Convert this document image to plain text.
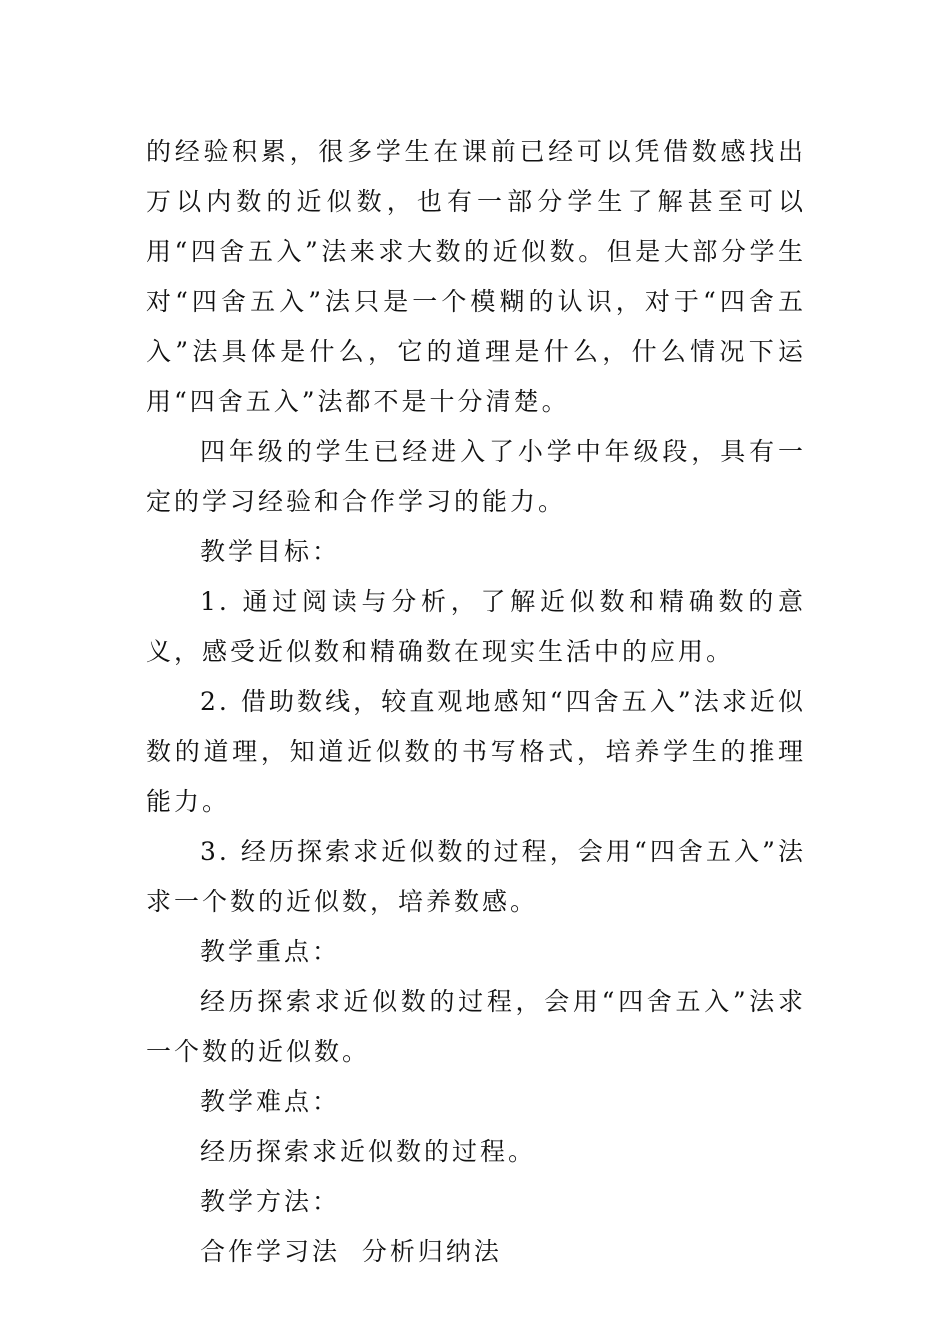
的经验积累，很多学生在课前已经可以凭借数感找出万以内数的近似数，也有一部分学生了解甚至可以用“四舍五入”法来求大数的近似数。但是大部分学生对“四舍五入”法只是一个模糊的认识，对于“四舍五入”法具体是什么，它的道理是什么，什么情况下运用“四舍五入”法都不是十分清楚。

四年级的学生已经进入了小学中年级段，具有一定的学习经验和合作学习的能力。

教学目标：

1. 通过阅读与分析，了解近似数和精确数的意义，感受近似数和精确数在现实生活中的应用。

2. 借助数线，较直观地感知“四舍五入”法求近似数的道理，知道近似数的书写格式，培养学生的推理能力。

3. 经历探索求近似数的过程，会用“四舍五入”法求一个数的近似数，培养数感。

教学重点：

经历探索求近似数的过程，会用“四舍五入”法求一个数的近似数。

教学难点：

经历探索求近似数的过程。

教学方法：

合作学习法  分析归纳法
